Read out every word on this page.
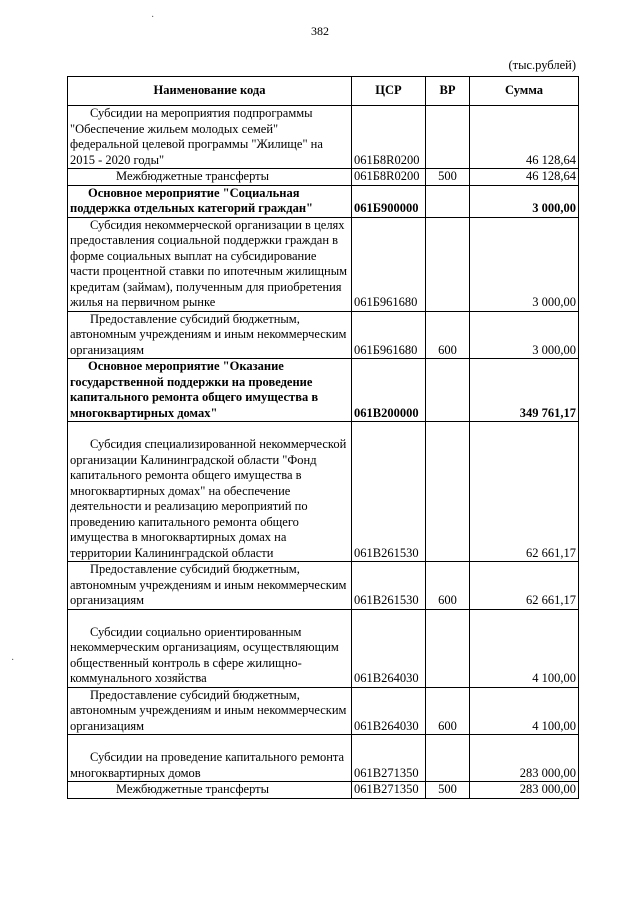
382
(тыс.рублей)
Наименование кода	ЦСР	ВР	Сумма

Субсидии на мероприятия подпрограммы "Обеспечение жильем молодых семей" федеральной целевой программы "Жилище" на 2015 - 2020 годы"	061Б8R0200		46 128,64

Межбюджетные трансферты	061Б8R0200	500	46 128,64

Основное мероприятие "Социальная поддержка отдельных категорий граждан"	061Б900000		3 000,00

Субсидия некоммерческой организации в целях предоставления социальной поддержки граждан в форме социальных выплат на субсидирование части процентной ставки по ипотечным жилищным кредитам (займам), полученным для приобретения жилья на первичном рынке	061Б961680		3 000,00

Предоставление субсидий бюджетным, автономным учреждениям и иным некоммерческим организациям	061Б961680	600	3 000,00

Основное мероприятие "Оказание государственной поддержки на проведение капитального ремонта общего имущества в многоквартирных домах"	061В200000		349 761,17

Субсидия специализированной некоммерческой организации Калининградской области "Фонд капитального ремонта общего имущества в многоквартирных домах" на обеспечение деятельности и реализацию мероприятий по проведению капитального ремонта общего имущества в многоквартирных домах на территории Калининградской области	061В261530		62 661,17

Предоставление субсидий бюджетным, автономным учреждениям и иным некоммерческим организациям	061В261530	600	62 661,17

Субсидии социально ориентированным некоммерческим организациям, осуществляющим общественный контроль в сфере жилищно-коммунального хозяйства	061В264030		4 100,00

Предоставление субсидий бюджетным, автономным учреждениям и иным некоммерческим организациям	061В264030	600	4 100,00

Субсидии на проведение капитального ремонта многоквартирных домов	061В271350		283 000,00

Межбюджетные трансферты	061В271350	500	283 000,00
·
·
